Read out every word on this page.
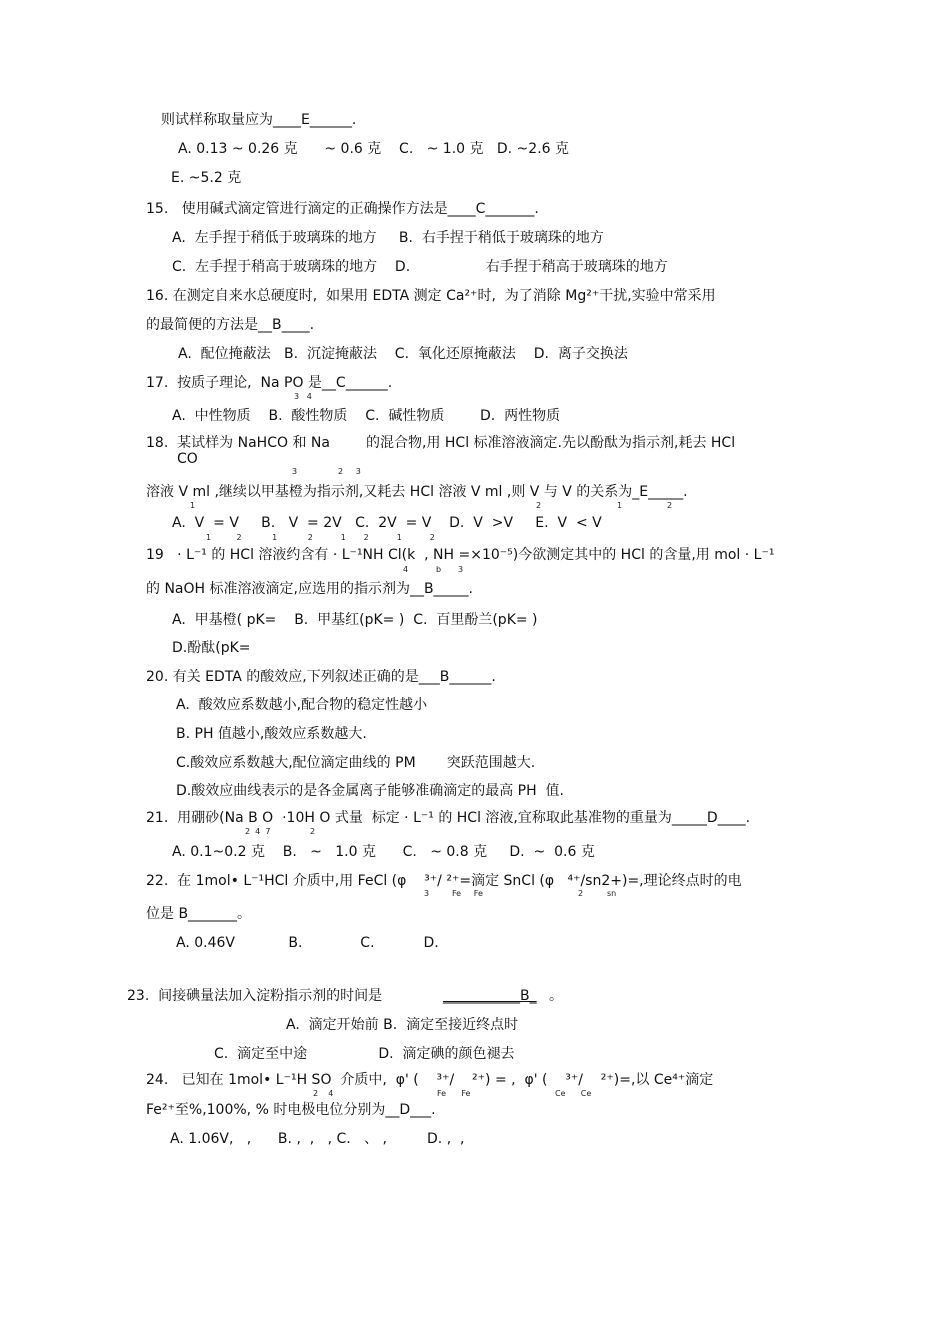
则试样称取量应为____E______.
A. 0.13 ~ 0.26 克      ~ 0.6 克    C.   ~ 1.0 克   D. ~2.6 克
E. ~5.2 克
15.   使用碱式滴定管进行滴定的正确操作方法是____C_______.
A.  左手捏于稍低于玻璃珠的地方     B.  右手捏于稍低于玻璃珠的地方
C.  左手捏于稍高于玻璃珠的地方    D.                 右手捏于稍高于玻璃珠的地方
16. 在测定自来水总硬度时,  如果用 EDTA 测定 Ca²⁺时,  为了消除 Mg²⁺干扰,实验中常采用
的最简便的方法是__B____.
A.  配位掩蔽法   B.  沉淀掩蔽法    C.  氧化还原掩蔽法    D.  离子交换法
17.  按质子理论,  Na PO 是__C______.
3   4
A.  中性物质    B.  酸性物质    C.  碱性物质        D.  两性物质
18.  某试样为 NaHCO 和 Na	的混合物,用 HCl 标准溶液滴定.先以酚酞为指示剂,耗去 HCl
CO
3	2     3
溶液 V ml ,继续以甲基橙为指示剂,又耗去 HCl 溶液 V ml ,则 V 与 V 的关系为_E_____.
1	2	1	2
A.  V  = V     B.   V  = 2V   C.  2V  = V    D.  V  >V     E.  V  < V
1          2            1            2           1       2           1           2
19   · L⁻¹ 的 HCl 溶液约含有 · L⁻¹NH Cl(k  , NH =×10⁻⁵)今欲测定其中的 HCl 的含量,用 mol · L⁻¹
4	b 3
的 NaOH 标准溶液滴定,应选用的指示剂为__B_____.
A.  甲基橙( pK=    B.  甲基红(pK= )  C.  百里酚兰(pK= )
D.酚酞(pK=
20. 有关 EDTA 的酸效应,下列叙述正确的是___B______.
A.  酸效应系数越小,配合物的稳定性越小
B. PH 值越小,酸效应系数越大.
C.酸效应系数越大,配位滴定曲线的 PM       突跃范围越大.
D.酸效应曲线表示的是各金属离子能够准确滴定的最高 PH  值.
21.  用硼砂(Na B O  ·10H O 式量  标定 · L⁻¹ 的 HCl 溶液,宜称取此基准物的重量为_____D____.
2  4  7	2
A. 0.1~0.2 克    B.   ~   1.0 克      C.   ~ 0.8 克     D.  ~  0.6 克
22.  在 1mol• L⁻¹HCl 介质中,用 FeCl (φ    ³⁺/ ²⁺=滴定 SnCl (φ   ⁴⁺/sn2+)=,理论终点时的电
3	Fe     Fe	2	sn
位是 B_______。
A. 0.46V            B.             C.           D.
23.  间接碘量法加入淀粉指示剂的时间是	___________B_ 。
A.  滴定开始前 B.  滴定至接近终点时
C.  滴定至中途                D.  滴定碘的颜色褪去
24.   已知在 1mol• L⁻¹H SO  介质中,  φ' (    ³⁺/    ²⁺) = ,  φ' (    ³⁺/    ²⁺)=,以 Ce⁴⁺滴定
2    4	Fe      Fe	Ce      Ce
Fe²⁺至%,100%, % 时电极电位分别为__D___.
A. 1.06V,   ,      B. ,  ,   , C.   、 ,         D. ,  ,
